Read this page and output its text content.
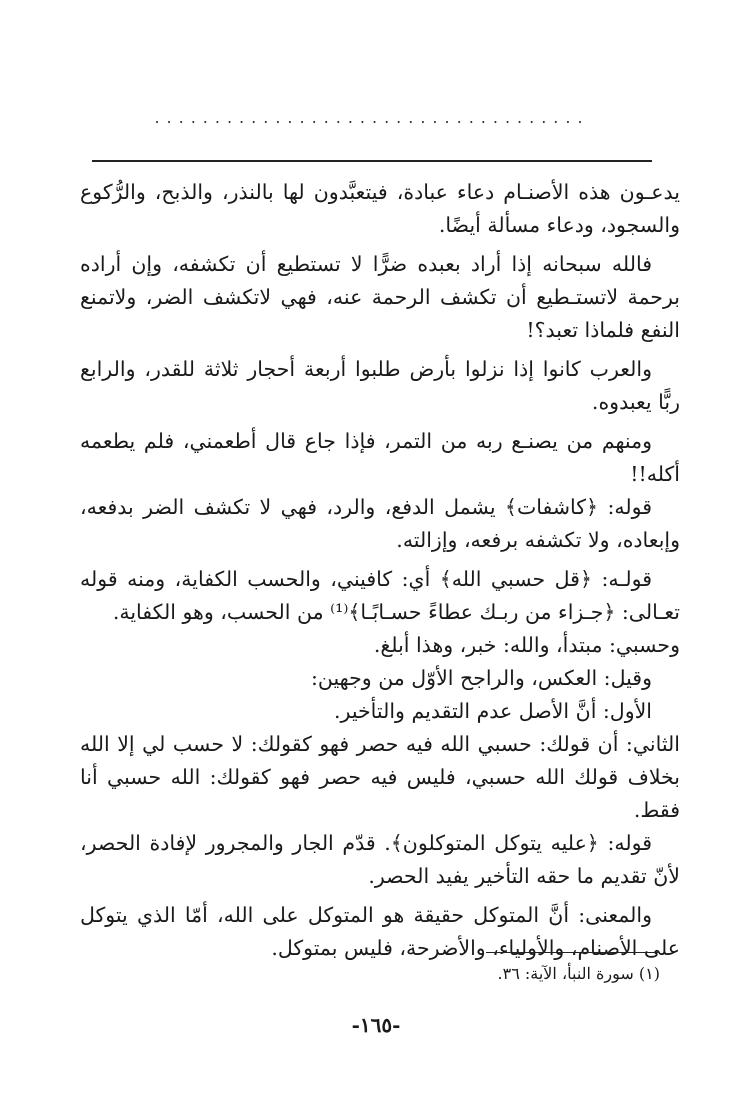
....................................

يدعـون هذه الأصنـام دعاء عبادة، فيتعبَّدون لها بالنذر، والذبح، والرُّكوع والسجود، ودعاء مسألة أيضًا.

فالله سبحانه إذا أراد بعبده ضرًّا لا تستطيع أن تكشفه، وإن أراده برحمة لاتستـطيع أن تكشف الرحمة عنه، فهي لاتكشف الضر، ولاتمنع النفع فلماذا تعبد؟!

والعرب كانوا إذا نزلوا بأرض طلبوا أربعة أحجار ثلاثة للقدر، والرابع ربًّا يعبدوه.

ومنهم من يصنـع ربه من التمر، فإذا جاع قال أطعمني، فلم يطعمه أكله!!

قوله: ﴿كاشفات﴾ يشمل الدفع، والرد، فهي لا تكشف الضر بدفعه، وإبعاده، ولا تكشفه برفعه، وإزالته.

قولـه: ﴿قل حسبي الله﴾ أي: كافيني، والحسب الكفاية، ومنه قوله تعـالى: ﴿جـزاء من ربـك عطاءً حسـابًـا﴾⁽¹⁾ من الحسب، وهو الكفاية.

وحسبي: مبتدأ، والله: خبر، وهذا أبلغ.

وقيل: العكس، والراجح الأوّل من وجهين:

الأول: أنَّ الأصل عدم التقديم والتأخير.

الثاني: أن قولك: حسبي الله فيه حصر فهو كقولك: لا حسب لي إلا الله بخلاف قولك الله حسبي، فليس فيه حصر فهو كقولك: الله حسبي أنا فقط.

قوله: ﴿عليه يتوكل المتوكلون﴾. قدّم الجار والمجرور لإفادة الحصر، لأنّ تقديم ما حقه التأخير يفيد الحصر.

والمعنى: أنَّ المتوكل حقيقة هو المتوكل على الله، أمّا الذي يتوكل على الأصنام، والأولياء، والأضرحة، فليس بمتوكل.

(١) سورة النبأ، الآية: ٣٦.
-١٦٥-
